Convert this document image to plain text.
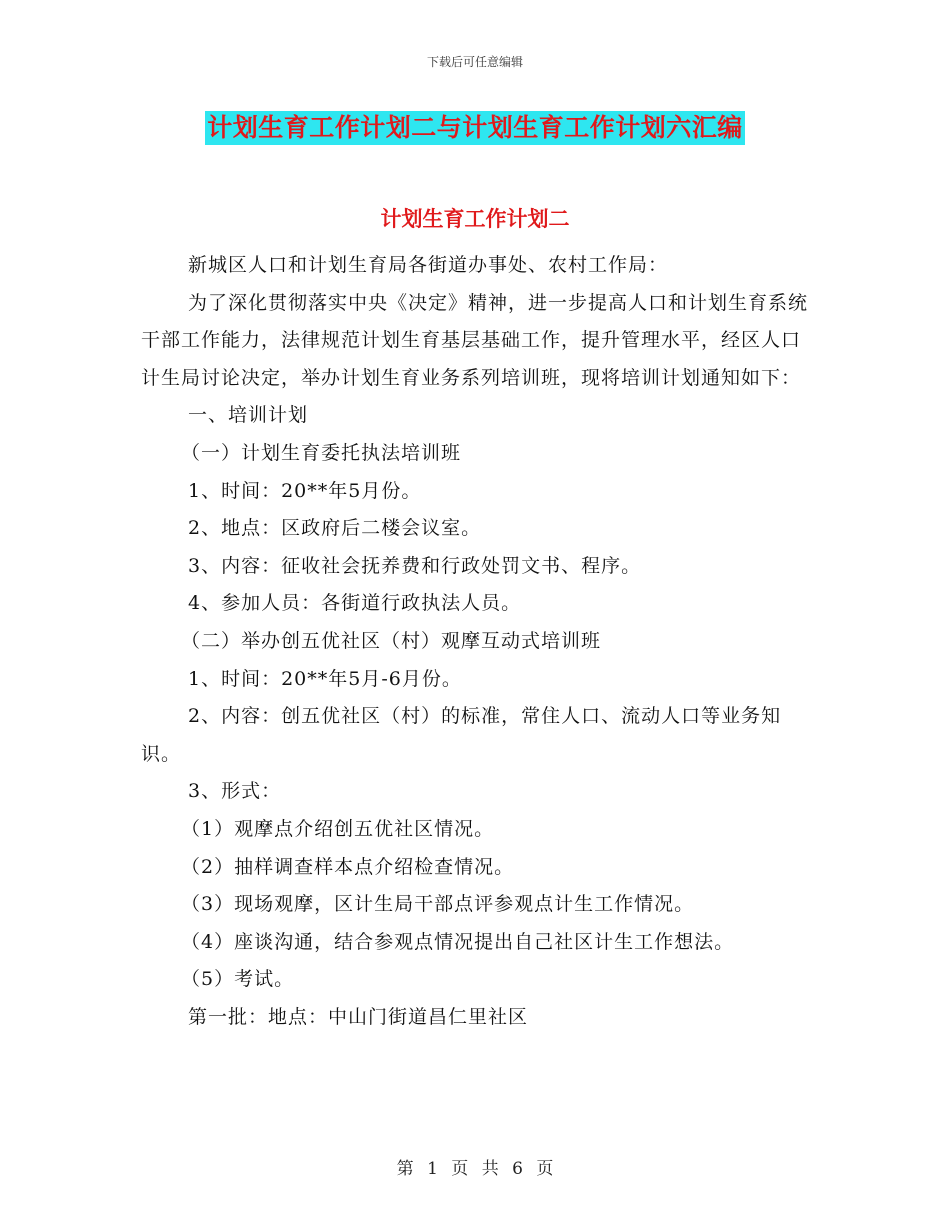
下载后可任意编辑
计划生育工作计划二与计划生育工作计划六汇编
计划生育工作计划二

新城区人口和计划生育局各街道办事处、农村工作局：

为了深化贯彻落实中央《决定》精神，进一步提高人口和计划生育系统干部工作能力，法律规范计划生育基层基础工作，提升管理水平，经区人口计生局讨论决定，举办计划生育业务系列培训班，现将培训计划通知如下：

一、培训计划

（一）计划生育委托执法培训班

1、时间：20**年5月份。

2、地点：区政府后二楼会议室。

3、内容：征收社会抚养费和行政处罚文书、程序。

4、参加人员：各街道行政执法人员。

（二）举办创五优社区（村）观摩互动式培训班

1、时间：20**年5月-6月份。

2、内容：创五优社区（村）的标准，常住人口、流动人口等业务知识。

3、形式：

（1）观摩点介绍创五优社区情况。

（2）抽样调查样本点介绍检查情况。

（3）现场观摩，区计生局干部点评参观点计生工作情况。

（4）座谈沟通，结合参观点情况提出自己社区计生工作想法。

（5）考试。

第一批：地点：中山门街道昌仁里社区

第 1 页 共 6 页
